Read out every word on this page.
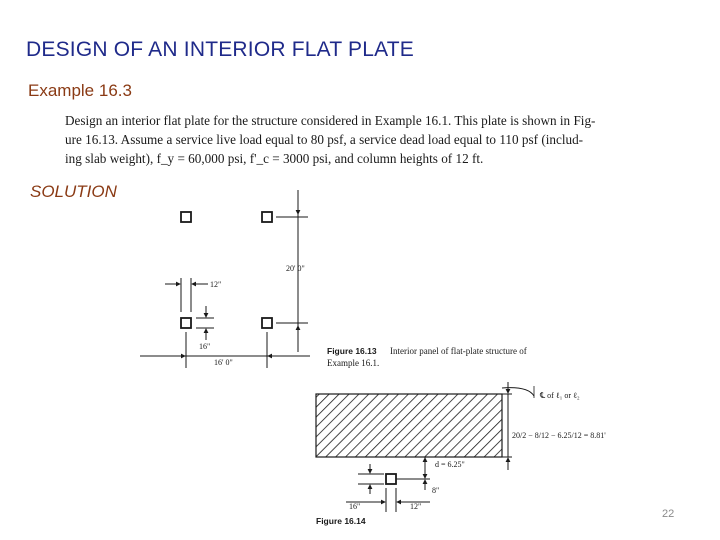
DESIGN OF AN INTERIOR FLAT PLATE
Example 16.3
Design an interior flat plate for the structure considered in Example 16.1. This plate is shown in Fig-
ure 16.13. Assume a service live load equal to 80 psf, a service dead load equal to 110 psf (includ-
ing slab weight), f_y = 60,000 psi, f'_c = 3000 psi, and column heights of 12 ft.
SOLUTION
20' 0"
12"
16"
16' 0"
Figure 16.13 Interior panel of flat-plate structure of
Example 16.1.
℄ of ℓ₁ or ℓ₂
20/2 − 8/12 − 6.25/12 = 8.81'
d = 6.25"
8"
16"	12"
Figure 16.14
22
